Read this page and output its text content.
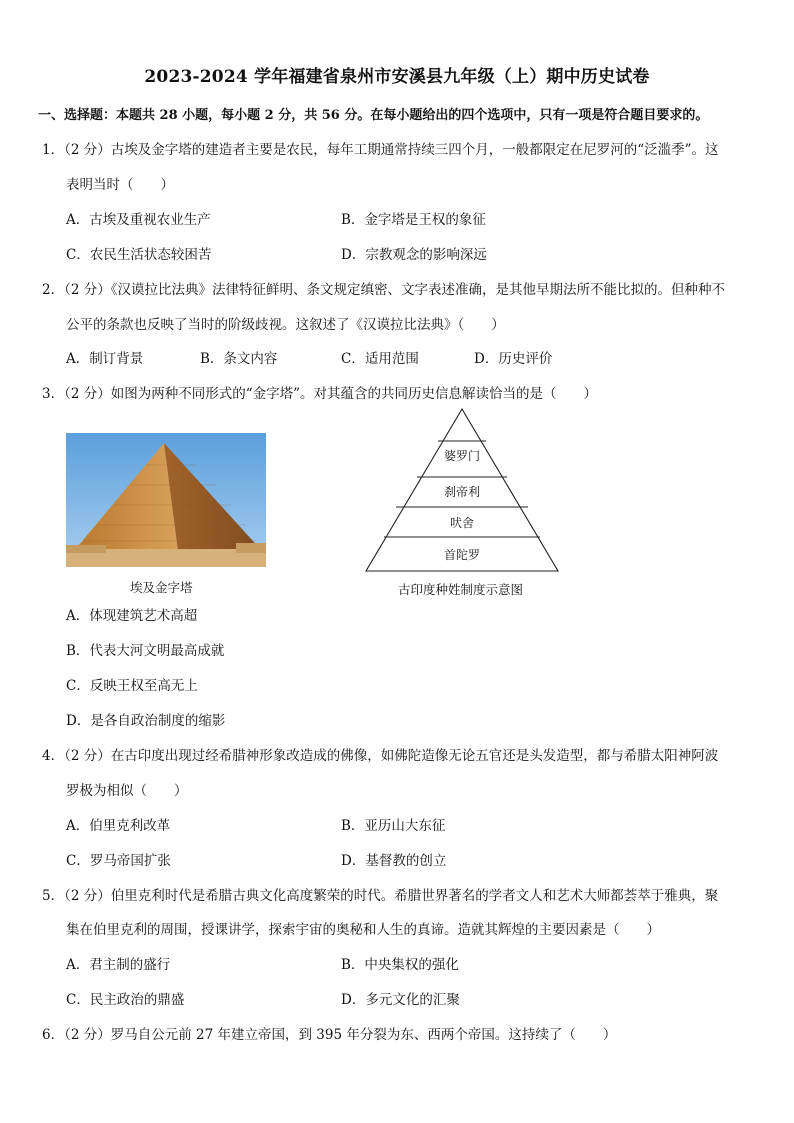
2023-2024 学年福建省泉州市安溪县九年级（上）期中历史试卷
一、选择题：本题共 28 小题，每小题 2 分，共 56 分。在每小题给出的四个选项中，只有一项是符合题目要求的。
1．（2 分）古埃及金字塔的建造者主要是农民，每年工期通常持续三四个月，一般都限定在尼罗河的“泛滥季”。这
表明当时（　　）
A．古埃及重视农业生产	B．金字塔是王权的象征
C．农民生活状态较困苦	D．宗教观念的影响深远
2．（2 分）《汉谟拉比法典》法律特征鲜明、条文规定缜密、文字表述准确，是其他早期法所不能比拟的。但种种不
公平的条款也反映了当时的阶级歧视。这叙述了《汉谟拉比法典》（　　）
A．制订背景	B．条文内容	C．适用范围	D．历史评价
3．（2 分）如图为两种不同形式的“金字塔”。对其蕴含的共同历史信息解读恰当的是（　　）
埃及金字塔
婆罗门
刹帝利
吠舍
首陀罗
古印度种姓制度示意图
A．体现建筑艺术高超
B．代表大河文明最高成就
C．反映王权至高无上
D．是各自政治制度的缩影
4．（2 分）在古印度出现过经希腊神形象改造成的佛像，如佛陀造像无论五官还是头发造型，都与希腊太阳神阿波
罗极为相似（　　）
A．伯里克利改革	B．亚历山大东征
C．罗马帝国扩张	D．基督教的创立
5．（2 分）伯里克利时代是希腊古典文化高度繁荣的时代。希腊世界著名的学者文人和艺术大师都荟萃于雅典，聚
集在伯里克利的周围，授课讲学，探索宇宙的奥秘和人生的真谛。造就其辉煌的主要因素是（　　）
A．君主制的盛行	B．中央集权的强化
C．民主政治的鼎盛	D．多元文化的汇聚
6．（2 分）罗马自公元前 27 年建立帝国，到 395 年分裂为东、西两个帝国。这持续了（　　）
